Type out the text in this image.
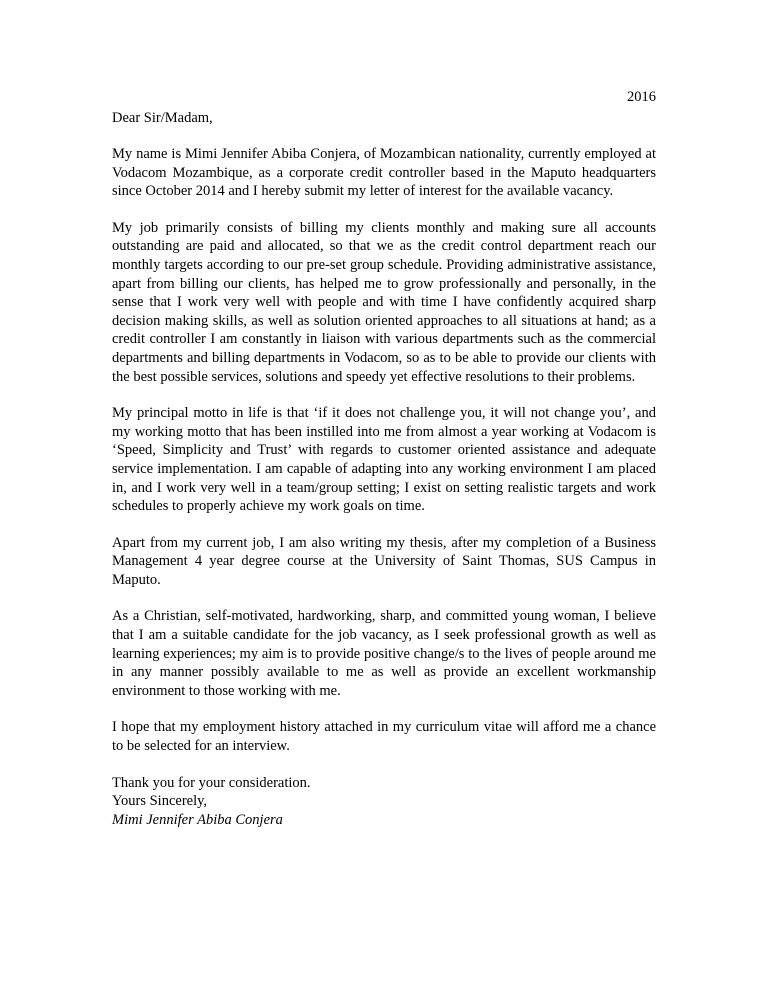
2016
Dear Sir/Madam,

My name is Mimi Jennifer Abiba Conjera, of Mozambican nationality, currently employed at Vodacom Mozambique, as a corporate credit controller based in the Maputo headquarters since October 2014 and I hereby submit my letter of interest for the available vacancy.

My job primarily consists of billing my clients monthly and making sure all accounts outstanding are paid and allocated, so that we as the credit control department reach our monthly targets according to our pre-set group schedule. Providing administrative assistance, apart from billing our clients, has helped me to grow professionally and personally, in the sense that I work very well with people and with time I have confidently acquired sharp decision making skills, as well as solution oriented approaches to all situations at hand; as a credit controller I am constantly in liaison with various departments such as the commercial departments and billing departments in Vodacom, so as to be able to provide our clients with the best possible services, solutions and speedy yet effective resolutions to their problems.

My principal motto in life is that ‘if it does not challenge you, it will not change you’, and my working motto that has been instilled into me from almost a year working at Vodacom is ‘Speed, Simplicity and Trust’ with regards to customer oriented assistance and adequate service implementation. I am capable of adapting into any working environment I am placed in, and I work very well in a team/group setting; I exist on setting realistic targets and work schedules to properly achieve my work goals on time.

Apart from my current job, I am also writing my thesis, after my completion of a Business Management 4 year degree course at the University of Saint Thomas, SUS Campus in Maputo.

As a Christian, self-motivated, hardworking, sharp, and committed young woman, I believe that I am a suitable candidate for the job vacancy, as I seek professional growth as well as learning experiences; my aim is to provide positive change/s to the lives of people around me in any manner possibly available to me as well as provide an excellent workmanship environment to those working with me.

I hope that my employment history attached in my curriculum vitae will afford me a chance to be selected for an interview.

Thank you for your consideration.
Yours Sincerely,
Mimi Jennifer Abiba Conjera
